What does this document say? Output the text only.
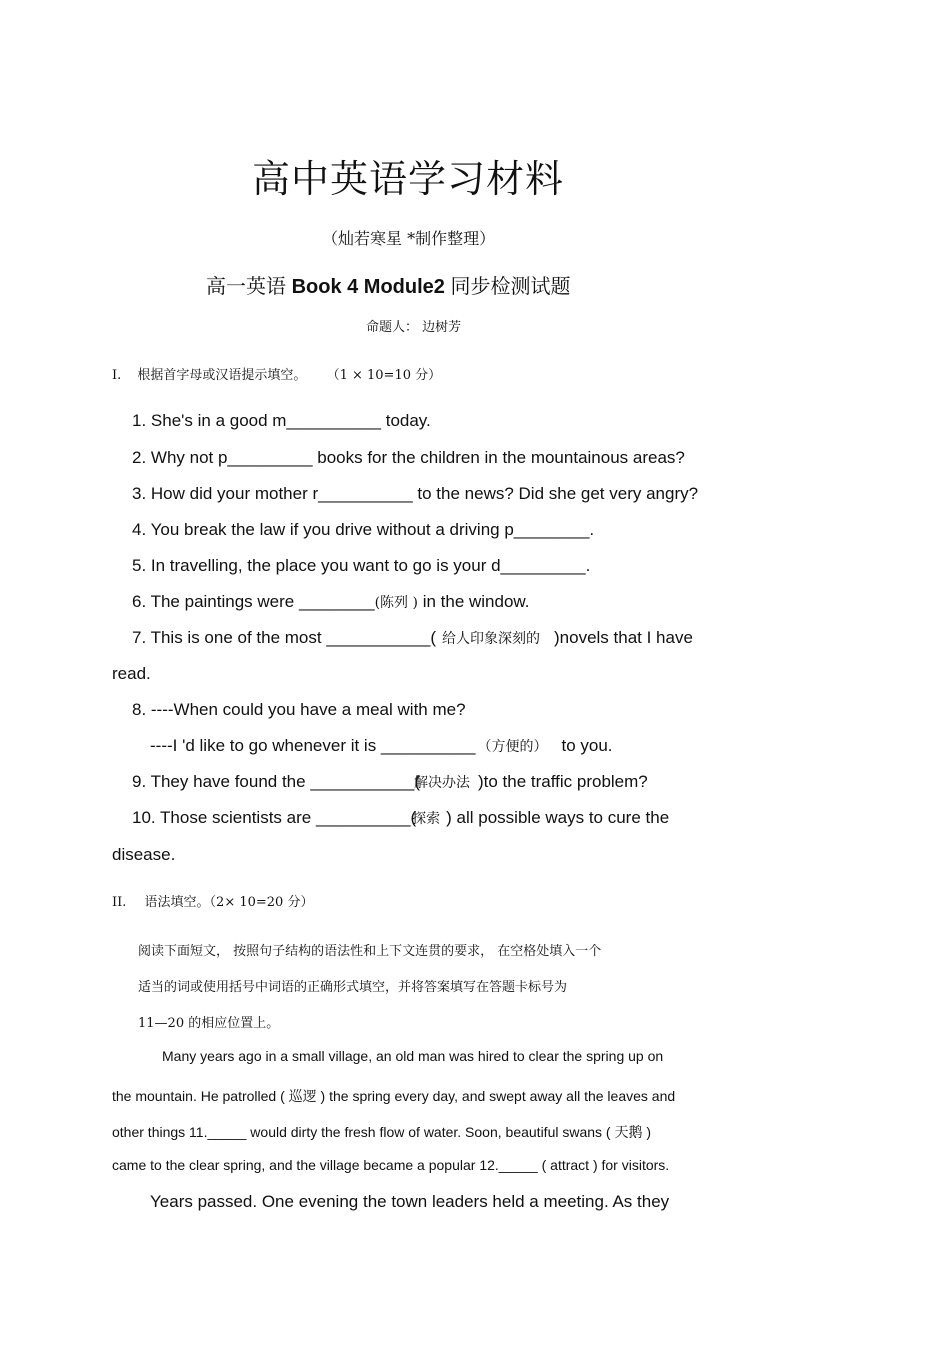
高中英语学习材料
（灿若寒星 *制作整理）
高一英语 Book 4 Module2 同步检测试题
命题人： 边树芳
I. 根据首字母或汉语提示填空。 （1 × 10=10 分）
1. She's in a good m__________ today.
2. Why not p_________ books for the children in the mountainous areas?
3. How did your mother r__________ to the news? Did she get very angry?
4. You break the law if you drive without a driving p________.
5. In travelling, the place you want to go is your d_________.
6. The paintings were ________(陈列 ) in the window.
7. This is one of the most ___________( 给人印象深刻的 )novels that I have
read.
8. ----When could you have a meal with me?
----I 'd like to go whenever it is __________ （方便的） to you.
9. They have found the ___________(解决办法 )to the traffic problem?
10. Those scientists are __________(探索 ) all possible ways to cure the
disease.
II. 语法填空。（2× 10=20 分）
阅读下面短文， 按照句子结构的语法性和上下文连贯的要求， 在空格处填入一个
适当的词或使用括号中词语的正确形式填空，并将答案填写在答题卡标号为
11—20 的相应位置上。
Many years ago in a small village, an old man was hired to clear the spring up on
the mountain. He patrolled ( 巡逻 ) the spring every day, and swept away all the leaves and
other things 11._____ would dirty the fresh flow of water. Soon, beautiful swans ( 天鹅 )
came to the clear spring, and the village became a popular 12._____ ( attract ) for visitors.
Years passed. One evening the town leaders held a meeting. As they
